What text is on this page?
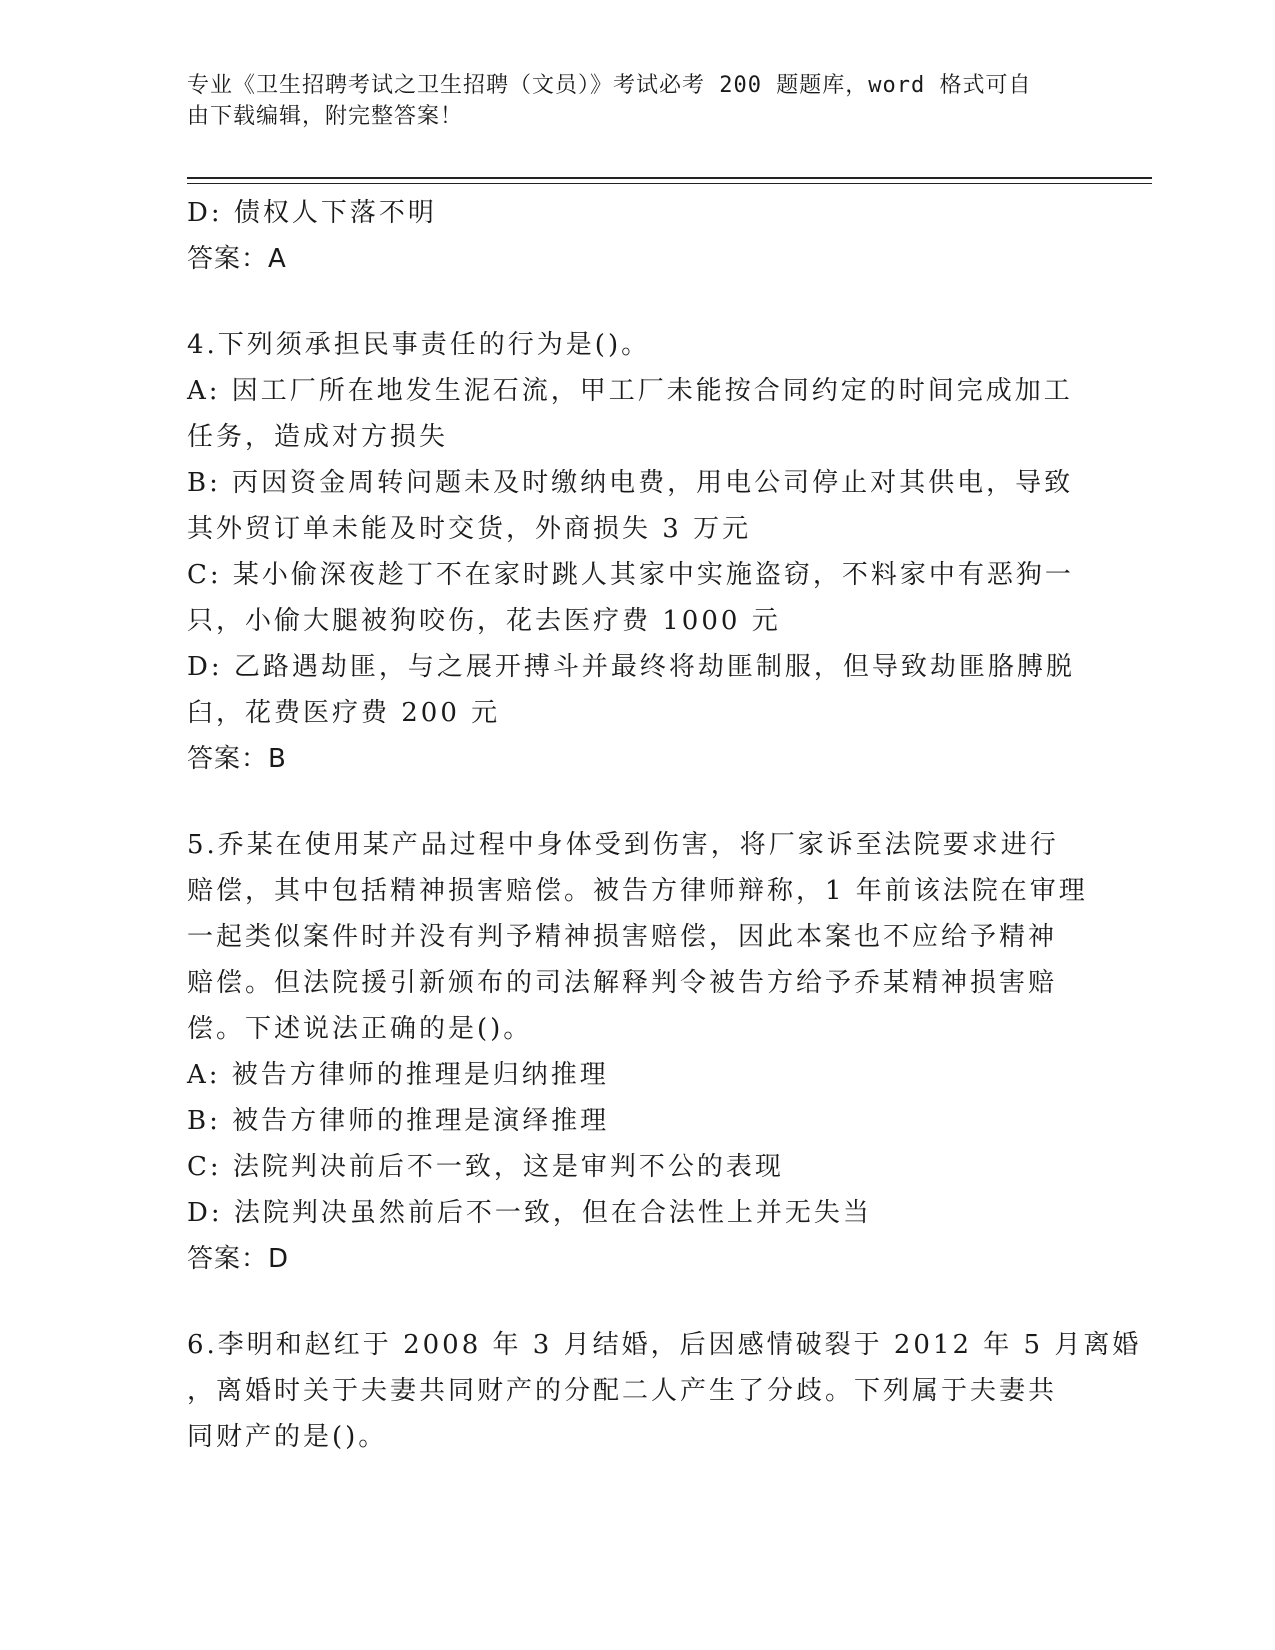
专业《卫生招聘考试之卫生招聘（文员）》考试必考 200 题题库，word 格式可自
由下载编辑，附完整答案！
D: 债权人下落不明
答案：A
4.下列须承担民事责任的行为是()。
A: 因工厂所在地发生泥石流，甲工厂未能按合同约定的时间完成加工
任务，造成对方损失
B: 丙因资金周转问题未及时缴纳电费，用电公司停止对其供电，导致
其外贸订单未能及时交货，外商损失 3 万元
C: 某小偷深夜趁丁不在家时跳人其家中实施盗窃，不料家中有恶狗一
只，小偷大腿被狗咬伤，花去医疗费 1000 元
D: 乙路遇劫匪，与之展开搏斗并最终将劫匪制服，但导致劫匪胳膊脱
臼，花费医疗费 200 元
答案：B
5.乔某在使用某产品过程中身体受到伤害，将厂家诉至法院要求进行
赔偿，其中包括精神损害赔偿。被告方律师辩称，1 年前该法院在审理
一起类似案件时并没有判予精神损害赔偿，因此本案也不应给予精神
赔偿。但法院援引新颁布的司法解释判令被告方给予乔某精神损害赔
偿。下述说法正确的是()。
A: 被告方律师的推理是归纳推理
B: 被告方律师的推理是演绎推理
C: 法院判决前后不一致，这是审判不公的表现
D: 法院判决虽然前后不一致，但在合法性上并无失当
答案：D
6.李明和赵红于 2008 年 3 月结婚，后因感情破裂于 2012 年 5 月离婚
，离婚时关于夫妻共同财产的分配二人产生了分歧。下列属于夫妻共
同财产的是()。
